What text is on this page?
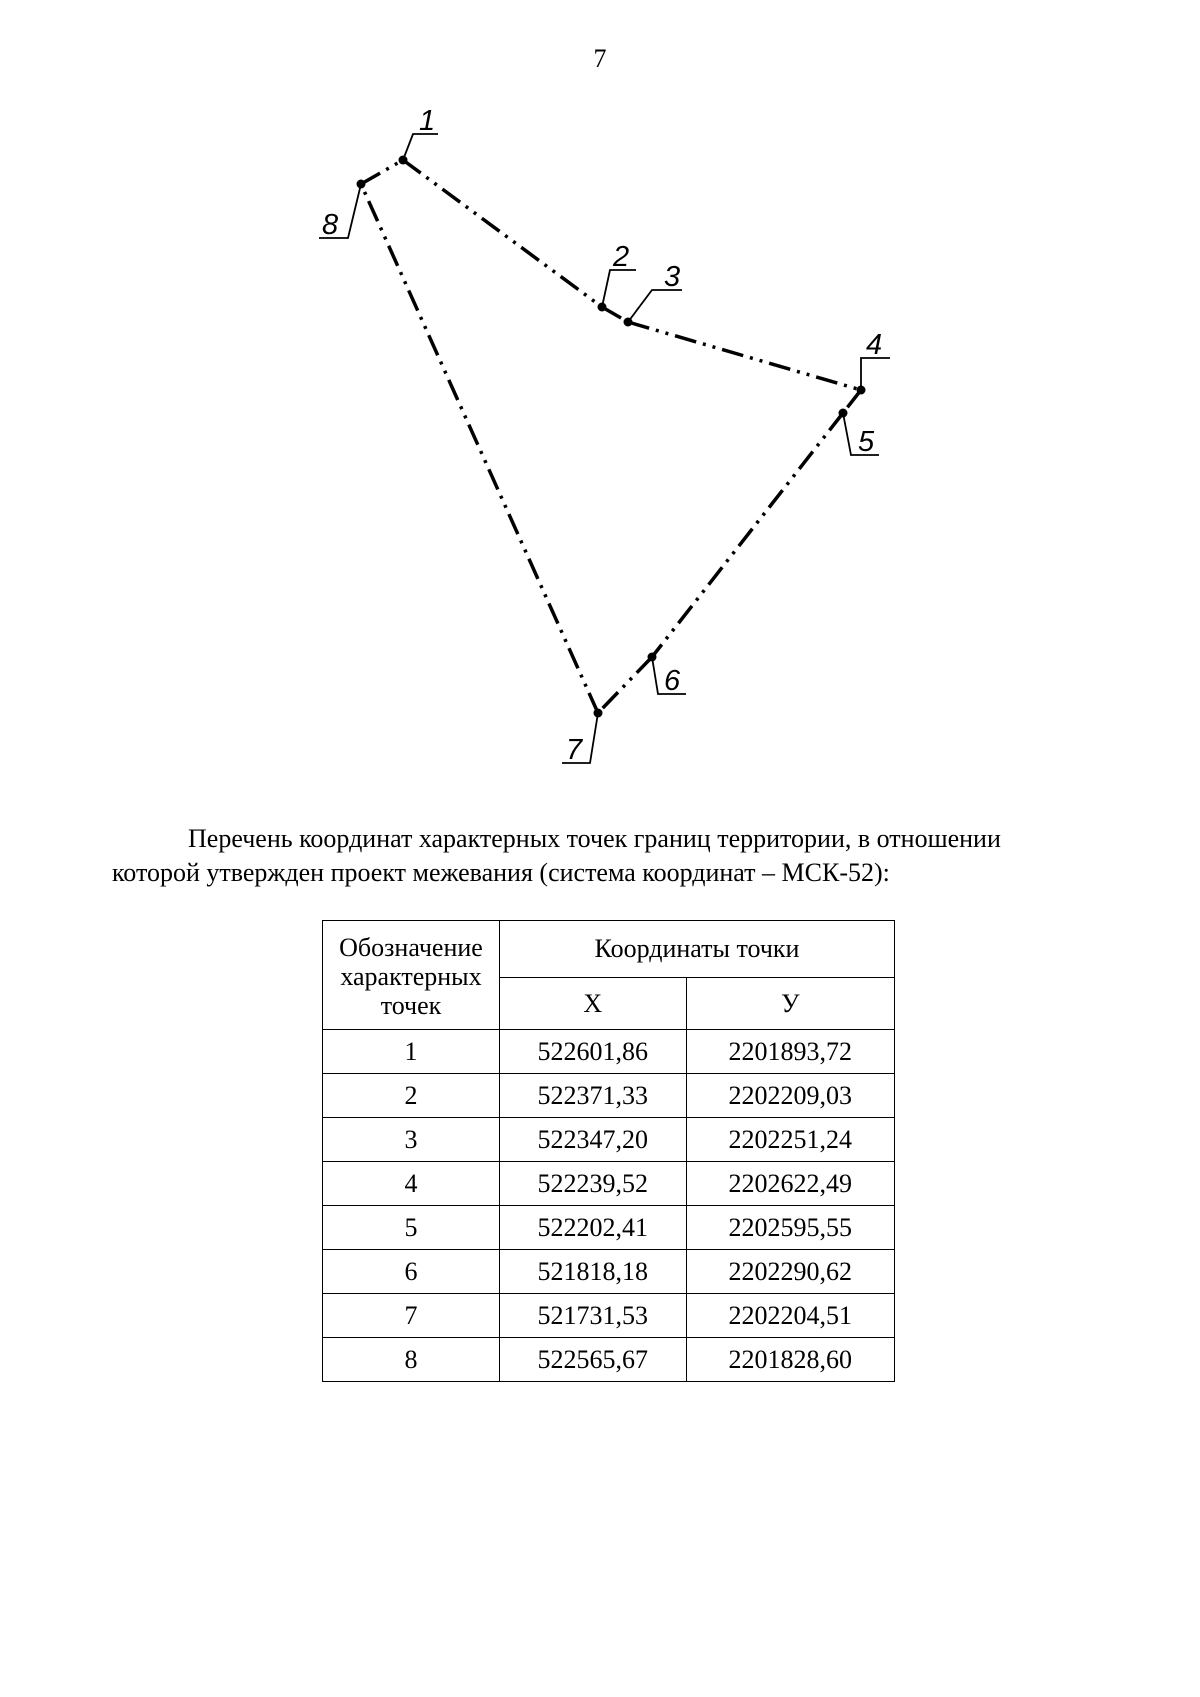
7
1
2
3
4
5
6
7
8
Перечень координат характерных точек границ территории, в отношении которой утвержден проект межевания (система координат – МСК-52):
Обозначение характерных точек	Координаты точки	
	X	У
1	522601,86	2201893,72
2	522371,33	2202209,03
3	522347,20	2202251,24
4	522239,52	2202622,49
5	522202,41	2202595,55
6	521818,18	2202290,62
7	521731,53	2202204,51
8	522565,67	2201828,60
